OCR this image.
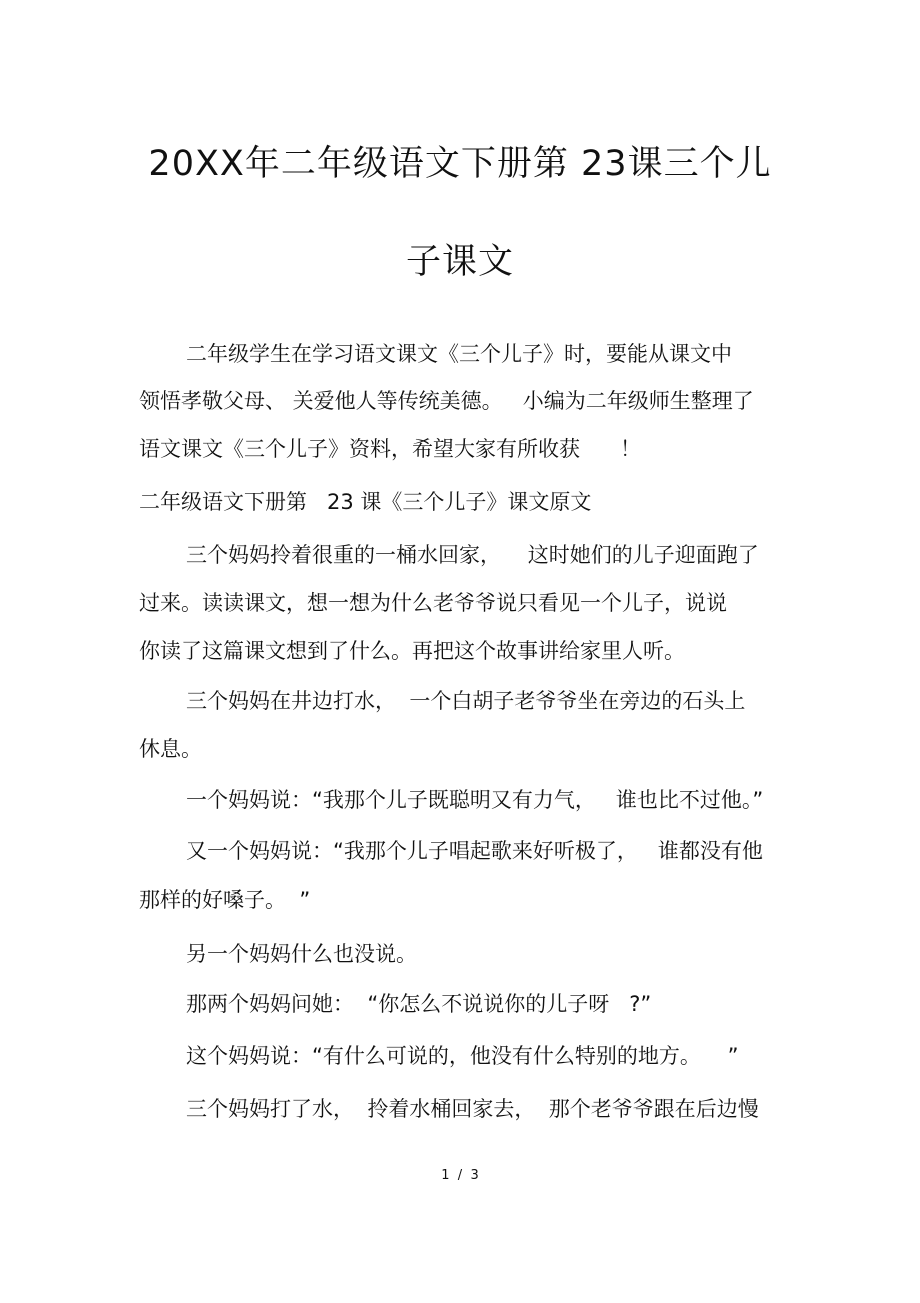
20XX年二年级语文下册第 23课三个儿
子课文
二年级学生在学习语文课文《三个儿子》时，要能从课文中
领悟孝敬父母、 关爱他人等传统美德。   小编为二年级师生整理了
语文课文《三个儿子》资料，希望大家有所收获      ！
二年级语文下册第   23 课《三个儿子》课文原文
三个妈妈拎着很重的一桶水回家，    这时她们的儿子迎面跑了
过来。读读课文，想一想为什么老爷爷说只看见一个儿子，说说
你读了这篇课文想到了什么。再把这个故事讲给家里人听。
三个妈妈在井边打水，  一个白胡子老爷爷坐在旁边的石头上
休息。
一个妈妈说：“我那个儿子既聪明又有力气，   谁也比不过他。”
又一个妈妈说：“我那个儿子唱起歌来好听极了，   谁都没有他
那样的好嗓子。  ”
另一个妈妈什么也没说。
那两个妈妈问她：  “你怎么不说说你的儿子呀   ?”
这个妈妈说：“有什么可说的，他没有什么特别的地方。    ”
三个妈妈打了水，  拎着水桶回家去，  那个老爷爷跟在后边慢
1  /  3
